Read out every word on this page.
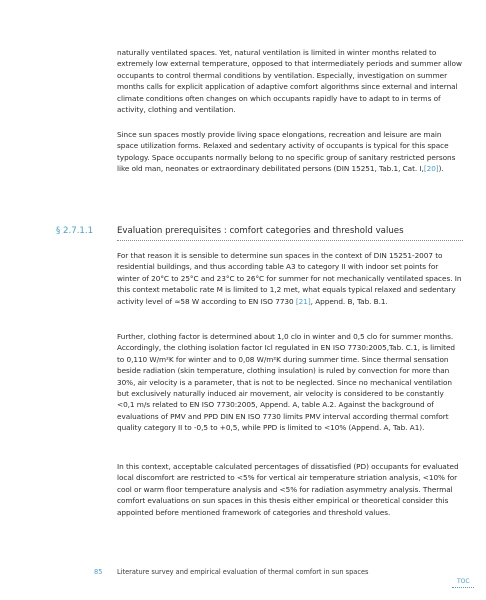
naturally ventilated spaces. Yet, natural ventilation is limited in winter months related to extremely low external temperature, opposed to that intermediately periods and summer allow occupants to control thermal conditions by ventilation. Especially, investigation on summer months calls for explicit application of adaptive comfort algorithms since external and internal climate conditions often changes on which occupants rapidly have to adapt to in terms of activity, clothing and ventilation.

Since sun spaces mostly provide living space elongations, recreation and leisure are main space utilization forms. Relaxed and sedentary activity of occupants is typical for this space typology. Space occupants normally belong to no specific group of sanitary restricted persons like old man, neonates or extraordinary debilitated persons (DIN 15251, Tab.1, Cat. I,[20]).

§ 2.7.1.1	Evaluation prerequisites : comfort categories and threshold values

For that reason it is sensible to determine sun spaces in the context of DIN 15251-2007 to residential buildings, and thus according table A3 to category II with indoor set points for winter of 20°C to 25°C and 23°C to 26°C for summer for not mechanically ventilated spaces. In this context metabolic rate M is limited to 1,2 met, what equals typical relaxed and sedentary activity level of ≈58 W according to EN ISO 7730 [21], Append. B, Tab. B.1.

Further, clothing factor is determined about 1,0 clo in winter and 0,5 clo for summer months. Accordingly, the clothing isolation factor Icl regulated in EN ISO 7730:2005,Tab. C.1, is limited to 0,110 W/m²K for winter and to 0,08 W/m²K during summer time. Since thermal sensation beside radiation (skin temperature, clothing insulation) is ruled by convection for more than 30%, air velocity is a parameter, that is not to be neglected. Since no mechanical ventilation but exclusively naturally induced air movement, air velocity is considered to be constantly <0,1 m/s related to EN ISO 7730:2005, Append. A, table A.2. Against the background of evaluations of PMV and PPD DIN EN ISO 7730 limits PMV interval according thermal comfort quality category II to -0,5 to +0,5, while PPD is limited to <10% (Append. A, Tab. A1).

In this context, acceptable calculated percentages of dissatisfied (PD) occupants for evaluated local discomfort are restricted to <5% for vertical air temperature striation analysis, <10% for cool or warm floor temperature analysis and <5% for radiation asymmetry analysis. Thermal comfort evaluations on sun spaces in this thesis either empirical or theoretical consider this appointed before mentioned framework of categories and threshold values.

85 Literature survey and empirical evaluation of thermal comfort in sun spaces
TOC
